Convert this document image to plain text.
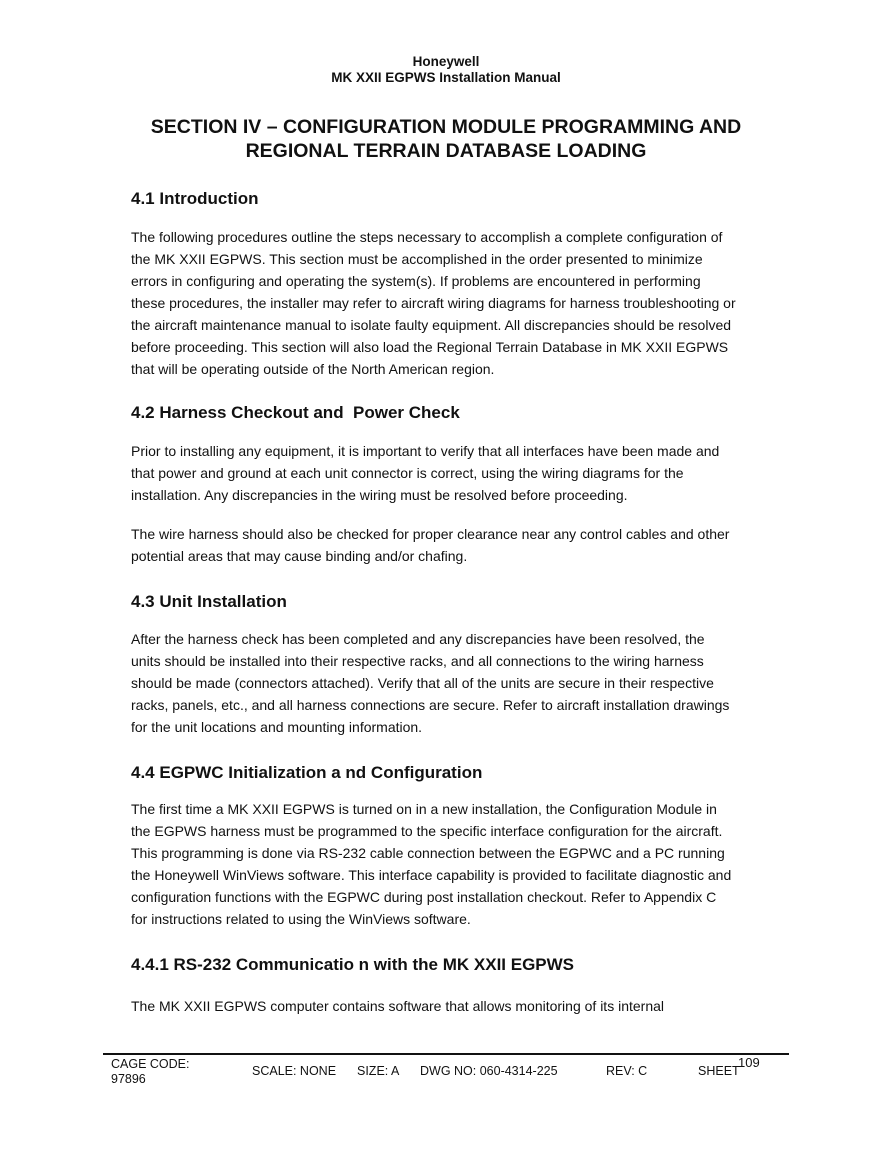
Honeywell
MK XXII EGPWS Installation Manual
SECTION IV – CONFIGURATION MODULE PROGRAMMING AND
REGIONAL TERRAIN DATABASE LOADING
4.1 Introduction
The following procedures outline the steps necessary to accomplish a complete configuration of
the MK XXII EGPWS. This section must be accomplished in the order presented to minimize
errors in configuring and operating the system(s). If problems are encountered in performing
these procedures, the installer may refer to aircraft wiring diagrams for harness troubleshooting or
the aircraft maintenance manual to isolate faulty equipment. All discrepancies should be resolved
before proceeding. This section will also load the Regional Terrain Database in MK XXII EGPWS
that will be operating outside of the North American region.
4.2 Harness Checkout and  Power Check
Prior to installing any equipment, it is important to verify that all interfaces have been made and
that power and ground at each unit connector is correct, using the wiring diagrams for the
installation. Any discrepancies in the wiring must be resolved before proceeding.
The wire harness should also be checked for proper clearance near any control cables and other
potential areas that may cause binding and/or chafing.
4.3 Unit Installation
After the harness check has been completed and any discrepancies have been resolved, the
units should be installed into their respective racks, and all connections to the wiring harness
should be made (connectors attached). Verify that all of the units are secure in their respective
racks, panels, etc., and all harness connections are secure. Refer to aircraft installation drawings
for the unit locations and mounting information.
4.4 EGPWC Initialization a nd Configuration
The first time a MK XXII EGPWS is turned on in a new installation, the Configuration Module in
the EGPWS harness must be programmed to the specific interface configuration for the aircraft.
This programming is done via RS-232 cable connection between the EGPWC and a PC running
the Honeywell WinViews software. This interface capability is provided to facilitate diagnostic and
configuration functions with the EGPWC during post installation checkout. Refer to Appendix C
for instructions related to using the WinViews software.
4.4.1 RS-232 Communicatio n with the MK XXII EGPWS
The MK XXII EGPWS computer contains software that allows monitoring of its internal
CAGE CODE:
97896
SCALE: NONE SIZE: A DWG NO: 060-4314-225	REV: C	SHEET
109
